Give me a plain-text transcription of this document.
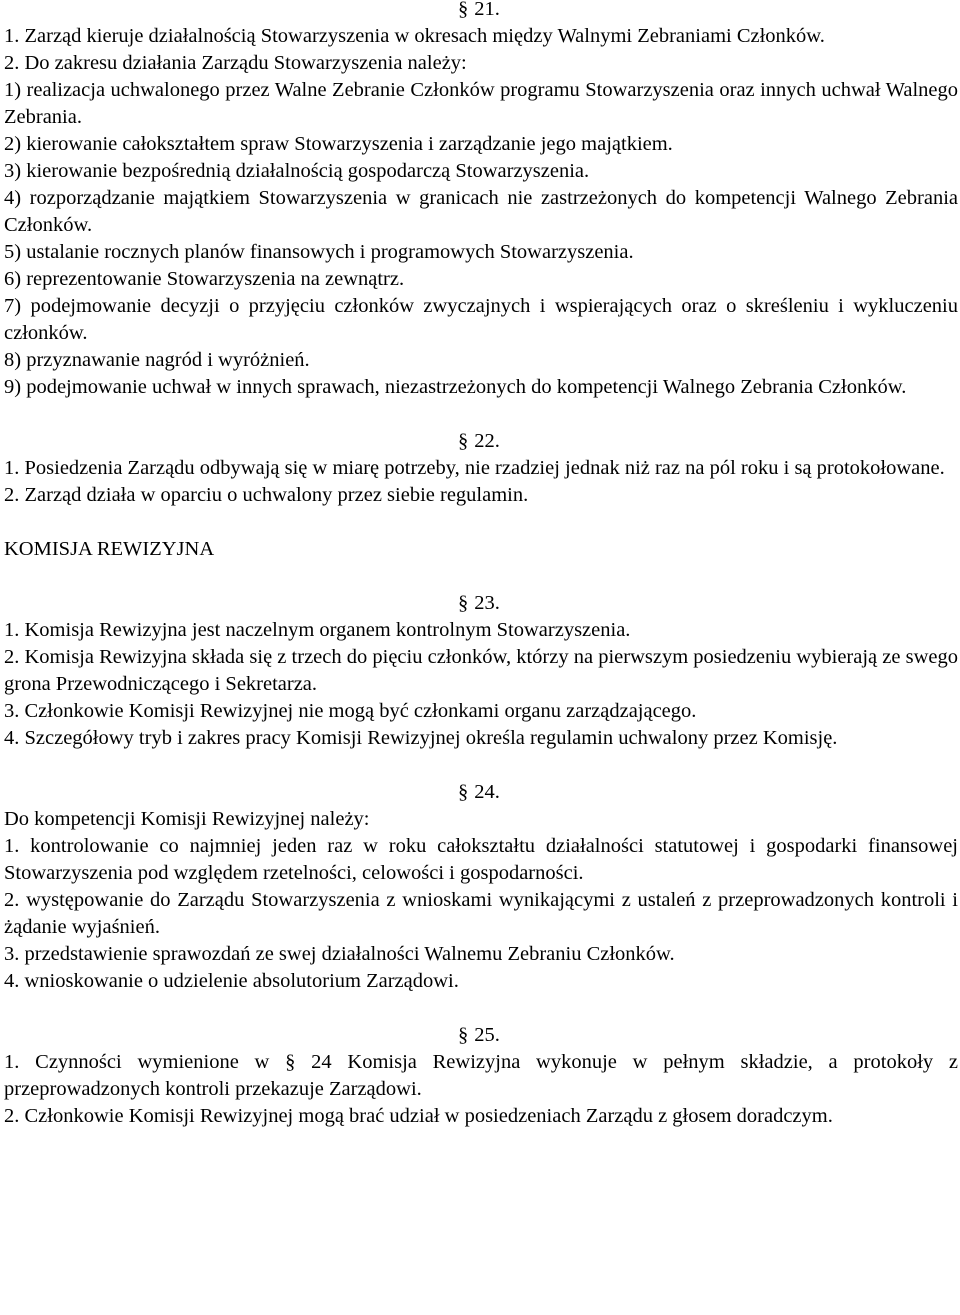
§ 21.

1. Zarząd kieruje działalnością Stowarzyszenia w okresach między Walnymi Zebraniami Członków.

2. Do zakresu działania Zarządu Stowarzyszenia należy:

1) realizacja uchwalonego przez Walne Zebranie Członków programu Stowarzyszenia oraz innych uchwał Walnego Zebrania.

2) kierowanie całokształtem spraw Stowarzyszenia i zarządzanie jego majątkiem.

3) kierowanie bezpośrednią działalnością gospodarczą Stowarzyszenia.

4) rozporządzanie majątkiem Stowarzyszenia w granicach nie zastrzeżonych do kompetencji Walnego Zebrania Członków.

5) ustalanie rocznych planów finansowych i programowych Stowarzyszenia.

6) reprezentowanie Stowarzyszenia na zewnątrz.

7) podejmowanie decyzji o przyjęciu członków zwyczajnych i wspierających oraz o skreśleniu i wykluczeniu członków.

8) przyznawanie nagród i wyróżnień.

9) podejmowanie uchwał w innych sprawach, niezastrzeżonych do kompetencji Walnego Zebrania Członków.

§ 22.

1. Posiedzenia Zarządu odbywają się w miarę potrzeby, nie rzadziej jednak niż raz na pól roku i są protokołowane.

2. Zarząd działa w oparciu o uchwalony przez siebie regulamin.

KOMISJA REWIZYJNA

§ 23.

1. Komisja Rewizyjna jest naczelnym organem kontrolnym Stowarzyszenia.

2. Komisja Rewizyjna składa się z trzech do pięciu członków, którzy na pierwszym posiedzeniu wybierają ze swego grona Przewodniczącego i Sekretarza.

3. Członkowie Komisji Rewizyjnej nie mogą być członkami organu zarządzającego.

4. Szczegółowy tryb i zakres pracy Komisji Rewizyjnej określa regulamin uchwalony przez Komisję.

§ 24.

Do kompetencji Komisji Rewizyjnej należy:

1. kontrolowanie co najmniej jeden raz w roku całokształtu działalności statutowej i gospodarki finansowej Stowarzyszenia pod względem rzetelności, celowości i gospodarności.

2. występowanie do Zarządu Stowarzyszenia z wnioskami wynikającymi z ustaleń z przeprowadzonych kontroli i żądanie wyjaśnień.

3. przedstawienie sprawozdań ze swej działalności Walnemu Zebraniu Członków.

4. wnioskowanie o udzielenie absolutorium Zarządowi.

§ 25.

1. Czynności wymienione w § 24 Komisja Rewizyjna wykonuje w pełnym składzie, a protokoły z przeprowadzonych kontroli przekazuje Zarządowi.

2. Członkowie Komisji Rewizyjnej mogą brać udział w posiedzeniach Zarządu z głosem doradczym.
